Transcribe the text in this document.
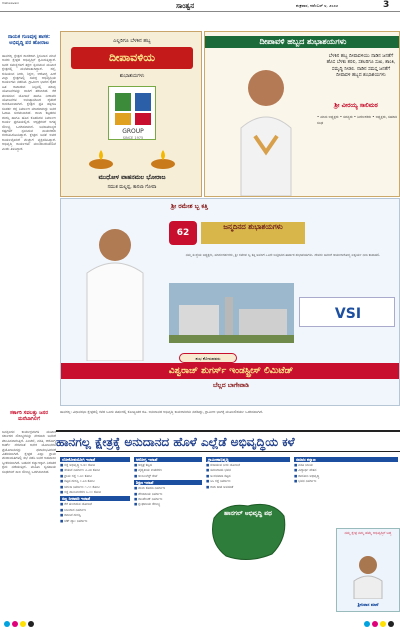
Vishwavani	ಸಾಂತ್ವನ	ಶುಕ್ರವಾರ, ನವೆಂಬರ್ ೪, ೨೦೨೨	3
ನಾಯಕ ಗುಣವುಳ್ಳ ಶಾಸಕ: ಅಭಿವೃದ್ಧಿ ಪರ ಹೋರಾಟ
ಹಾನಗಲ್ಲ ಕ್ಷೇತ್ರದ ಶಾಸಕರಾಗಿ ಶ್ರೀನಿವಾಸ ಮಾನೆ ಅವರು ಕ್ಷೇತ್ರದ ಅಭಿವೃದ್ಧಿಗೆ ಶ್ರಮಿಸುತ್ತಿದ್ದಾರೆ. ಜನರ ಸಮಸ್ಯೆಗಳಿಗೆ ತಕ್ಷಣ ಸ್ಪಂದಿಸುವ ಮೂಲಕ ಕ್ಷೇತ್ರದಲ್ಲಿ ಮನೆಮಾತಾಗಿದ್ದಾರೆ. ರಸ್ತೆ, ಕುಡಿಯುವ ನೀರು, ಶಿಕ್ಷಣ, ಆರೋಗ್ಯ ಹೀಗೆ ಎಲ್ಲಾ ಕ್ಷೇತ್ರಗಳಲ್ಲಿ ಸಮಗ್ರ ಅಭಿವೃದ್ಧಿಯ ಕಾರ್ಯಗಳು ನಡೆದಿವೆ. ಗ್ರಾಮೀಣ ಭಾಗದ ರೈತರ ಹಿತ ಕಾಪಾಡುವ ನಿಟ್ಟಿನಲ್ಲಿ ಹಲವು ಯೋಜನೆಗಳನ್ನು ಜಾರಿಗೆ ತರಲಾಗಿದೆ. ಕೆರೆ ತುಂಬಿಸುವ ಯೋಜನೆ ಹಾಗೂ ನೀರಾವರಿ ಯೋಜನೆಗಳ ಅನುಷ್ಠಾನದಿಂದ ರೈತರಿಗೆ ಅನುಕೂಲವಾಗಿದೆ. ಕ್ಷೇತ್ರದ ಪ್ರತಿ ಹಳ್ಳಿಗೂ ಸಂಪರ್ಕ ರಸ್ತೆ ನಿರ್ಮಾಣ ಮಾಡಲಾಗಿದ್ದು ಜನರ ಓಡಾಟ ಸುಗಮವಾಗಿದೆ. ಶಾಲಾ ಕಟ್ಟಡಗಳ ದುರಸ್ತಿ ಹಾಗೂ ಹೊಸ ಕೊಠಡಿಗಳ ನಿರ್ಮಾಣ ಕಾರ್ಯ ಪ್ರಗತಿಯಲ್ಲಿದೆ. ಆಸ್ಪತ್ರೆಗಳಿಗೆ ಅಗತ್ಯ ಸೌಲಭ್ಯ ಒದಗಿಸಲಾಗಿದೆ. ಜನಸಾಮಾನ್ಯರ ಕಷ್ಟಗಳಿಗೆ ಸ್ಪಂದಿಸುವ ನಾಯಕರಾಗಿ ಗುರುತಿಸಿಕೊಂಡಿದ್ದಾರೆ. ಕ್ಷೇತ್ರದ ಜನತೆ ಅವರ ಕಾರ್ಯವೈಖರಿಗೆ ಮೆಚ್ಚುಗೆ ವ್ಯಕ್ತಪಡಿಸಿದ್ದಾರೆ. ಅಭಿವೃದ್ಧಿ ಕಾರ್ಯಗಳು ಮುಂದುವರಿಯಲಿವೆ ಎಂದು ತಿಳಿಸಿದ್ದಾರೆ.
ಸರ್ಕಾರಿ ಸವಲತ್ತು ಜನರ ಮನೆಬಾಗಿಲಿಗೆ
ಜನಸ್ಪಂದನ ಕಾರ್ಯಕ್ರಮಗಳ ಮೂಲಕ ಸರ್ಕಾರದ ಸೌಲಭ್ಯಗಳನ್ನು ನೇರವಾಗಿ ಜನರಿಗೆ ತಲುಪಿಸಲಾಗುತ್ತಿದೆ. ಪಿಂಚಣಿ, ವಸತಿ, ಆರೋಗ್ಯ ಕಾರ್ಡ್ ಸೇರಿದಂತೆ ಅನೇಕ ಯೋಜನೆಗಳ ಪ್ರಯೋಜನವನ್ನು ಫಲಾನುಭವಿಗಳಿಗೆ ವಿತರಿಸಲಾಗಿದೆ. ಕ್ಷೇತ್ರದ ಎಲ್ಲಾ ಗ್ರಾಮ ಪಂಚಾಯತಿಗಳಲ್ಲಿ ಸಭೆ ನಡೆಸಿ ಜನರ ಅಹವಾಲು ಸ್ವೀಕರಿಸಲಾಗಿದೆ. ಬಡವರ ಕಲ್ಯಾಣಕ್ಕಾಗಿ ನಿರಂತರ ಶ್ರಮ ನಡೆಯುತ್ತಿದೆ. ಮಹಿಳಾ ಸ್ವಸಹಾಯ ಸಂಘಗಳಿಗೆ ಸಾಲ ಸೌಲಭ್ಯ ಒದಗಿಸಲಾಗಿದೆ.
ಎಲ್ಲರಿಗೂ ಬೆಳಕಿನ ಹಬ್ಬ
ದೀಪಾವಳಿಯ
ಶುಭಾಶಯಗಳು
GROUP
SINCE 1975
ಮುಧೋಳ ವಾಹನಮಲ ಭೋರಾಜ
ನಮುಕ ಮಲ್ಲಪ್ಪ, ಕಾನಲಾ ಗೋಪಾ
ದೀಪಾವಳಿ ಹಬ್ಬದ ಶುಭಾಶಯಗಳು
ಬೆಳಕಿನ ಹಬ್ಬ ದೀಪಾವಳಿಯು ನಾಡಿನ ಜನತೆಗೆ ಹೊಸ ಬೆಳಕು ತರಲಿ, ಸಕಲರಿಗೂ ಸುಖ, ಶಾಂತಿ, ಸಮೃದ್ಧಿ ನೀಡಲಿ. ನಾಡಿನ ಸಮಸ್ತ ಜನತೆಗೆ ದೀಪಾವಳಿ ಹಬ್ಬದ ಶುಭಾಶಯಗಳು
ಶ್ರೀ ವೀರಯ್ಯ ಸಾಲಿಮಠ
• ಮಾಜಿ ಅಧ್ಯಕ್ಷರು • ಸದಸ್ಯರು • ನಿರ್ದೇಶಕರು • ಅಧ್ಯಕ್ಷರು, ಸಹಕಾರಿ ಸಂಘ
ಶ್ರೀ ರಮೇಶ ಬ್ಬ ಕತ್ತಿ
62
ಜನ್ಮದಿನದ ಶುಭಾಶಯಗಳು
ನಮ್ಮ ಸಂಸ್ಥೆಯ ಅಧ್ಯಕ್ಷರು, ಮಾರ್ಗದರ್ಶಕರು, ಶ್ರೀ ರಮೇಶ ಬ್ಬ ಕತ್ತಿ ಅವರಿಗೆ ೬೨ನೇ ಜನ್ಮದಿನದ ಹಾರ್ದಿಕ ಶುಭಾಶಯಗಳು. ದೇವರು ಅವರಿಗೆ ಆಯುರಾರೋಗ್ಯ ಐಶ್ವರ್ಯ ನೀಡಿ ಕಾಪಾಡಲಿ.
VSI
ಶುಭ ಕೋರುವವರು
ವಿಶ್ವರಾಜ್ ಶುಗರ್ಸ್ ಇಂಡಸ್ಟ್ರೀಸ್ ಲಿಮಿಟೆಡ್
ಬೆಲ್ಲದ ಬಾಗೇವಾಡಿ
ಹಾನಗಲ್ಲ: ವಿಧಾನಸಭಾ ಕ್ಷೇತ್ರದಲ್ಲಿ ಕಳೆದ ಒಂದು ವರ್ಷದಲ್ಲಿ ಕೋಟ್ಯಂತರ ರೂ. ಅನುದಾನದ ಅಭಿವೃದ್ಧಿ ಕಾಮಗಾರಿಗಳು ನಡೆದಿದ್ದು, ಗ್ರಾಮೀಣ ಭಾಗಕ್ಕೆ ಮೂಲಸೌಕರ್ಯ ಒದಗಿಸಲಾಗಿದೆ.
ಹಾನಗಲ್ಲ ಕ್ಷೇತ್ರಕ್ಕೆ ಅನುದಾನದ ಹೊಳೆ ಎಲ್ಲೆಡೆ ಅಭಿವೃದ್ಧಿಯ ಕಳೆ
ಲೋಕೋಪಯೋಗಿ ಇಲಾಖೆ
■ ರಸ್ತೆ ಅಭಿವೃದ್ಧಿ ೪.೫೦ ಕೋಟಿ
■ ಸೇತುವೆ ನಿರ್ಮಾಣ ೨.೨೫ ಕೋಟಿ
■ ಗ್ರಾಮ ರಸ್ತೆ ೧.೮೦ ಕೋಟಿ
■ ಕಟ್ಟಡ ದುರಸ್ತಿ ೦.೭೫ ಕೋಟಿ
■ ಚರಂಡಿ ನಿರ್ಮಾಣ ೧.೧೦ ಕೋಟಿ
■ ರಸ್ತೆ ಡಾಂಬರೀಕರಣ ೩.೦೦ ಕೋಟಿ
ಸಣ್ಣ ನೀರಾವರಿ ಇಲಾಖೆ
■ ಕೆರೆ ತುಂಬಿಸುವ ಯೋಜನೆ
■ ಬಾಂದಾರ ನಿರ್ಮಾಣ
■ ಕಾಲುವೆ ದುರಸ್ತಿ
■ ಚೆಕ್ ಡ್ಯಾಂ ನಿರ್ಮಾಣ
ಆರೋಗ್ಯ ಇಲಾಖೆ
■ ಆಸ್ಪತ್ರೆ ಕಟ್ಟಡ
■ ವೈದ್ಯಕೀಯ ಉಪಕರಣ
■ ಆಂಬುಲೆನ್ಸ್ ಸೇವೆ
ಶಿಕ್ಷಣ ಇಲಾಖೆ
■ ಶಾಲಾ ಕೊಠಡಿ ನಿರ್ಮಾಣ
■ ಶೌಚಾಲಯ ನಿರ್ಮಾಣ
■ ಕಾಂಪೌಂಡ್ ನಿರ್ಮಾಣ
■ ಗ್ರಂಥಾಲಯ ಸೌಲಭ್ಯ
ಗ್ರಾಮೀಣಾಭಿವೃದ್ಧಿ
■ ಕುಡಿಯುವ ನೀರು ಯೋಜನೆ
■ ಸಮುದಾಯ ಭವನ
■ ಅಂಗನವಾಡಿ ಕಟ್ಟಡ
■ ಸಿಸಿ ರಸ್ತೆ ನಿರ್ಮಾಣ
■ ಬೀದಿ ದೀಪ ಅಳವಡಿಕೆ
ಹಾನಗಲ್ ಅಭಿವೃದ್ಧಿ ಪಥ
ಸಮಾಜ ಕಲ್ಯಾಣ
■ ವಸತಿ ನಿಲಯ
■ ವಿದ್ಯಾರ್ಥಿ ವೇತನ
■ ಕಾಲೋನಿ ಅಭಿವೃದ್ಧಿ
■ ಭವನ ನಿರ್ಮಾಣ
ನಮ್ಮ ಕ್ಷೇತ್ರ ನಮ್ಮ ಹೆಮ್ಮೆ ಅಭಿವೃದ್ಧಿಗೆ ಬದ್ಧ
ಶ್ರೀನಿವಾಸ ಮಾನೆ
